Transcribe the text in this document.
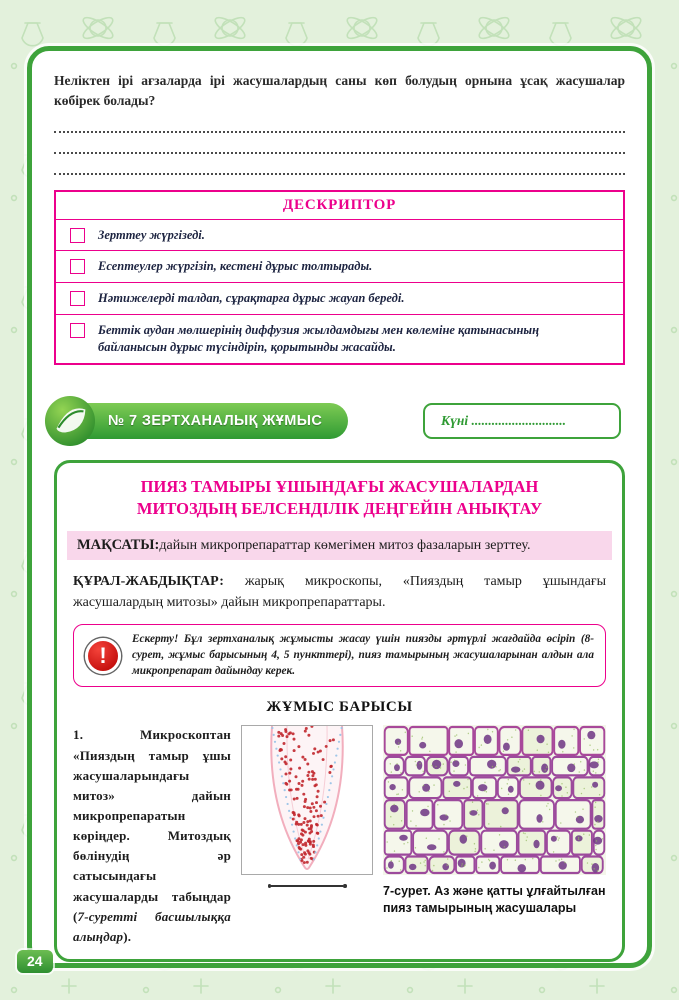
Неліктен ірі ағзаларда ірі жасушалардың саны көп болудың орнына ұсақ жасушалар көбірек болады?

ДЕСКРИПТОР
Зерттеу жүргізеді.
Есептеулер жүргізіп, кестені дұрыс толтырады.
Нәтижелерді талдап, сұрақтарға дұрыс жауап береді.
Беттік аудан мөлшерінің диффузия жылдамдығы мен көлеміне қатынасының байланысын дұрыс түсіндіріп, қорытынды жасайды.
№ 7 ЗЕРТХАНАЛЫҚ ЖҰМЫС	Күні ............................
ПИЯЗ ТАМЫРЫ ҰШЫНДАҒЫ ЖАСУШАЛАРДАН
МИТОЗДЫҢ БЕЛСЕНДІЛІК ДЕҢГЕЙІН АНЫҚТАУ

МАҚСАТЫ:дайын микропрепараттар көмегімен митоз фазаларын зерттеу.

ҚҰРАЛ-ЖАБДЫҚТАР: жарық микроскопы, «Пияздың тамыр ұшындағы жасушалардың митозы» дайын микропрепараттары.

!

Ескерту! Бұл зертханалық жұмысты жасау үшін пиязды әртүрлі жағдайда өсіріп (8-сурет, жұмыс барысының 4, 5 пункттері), пияз тамырының жасушаларынан алдын ала микропрепарат дайындау керек.

ЖҰМЫС БАРЫСЫ

1. Микроскоптан «Пияздың тамыр ұшы жасушаларындағы митоз» дайын микропрепаратын көріңдер. Митоздық бөлінудің әр сатысындағы жасушаларды табыңдар (7-суретті басшылыққа алыңдар).

7-сурет. Аз және қатты ұлғайтылған пияз тамырының жасушалары

24
